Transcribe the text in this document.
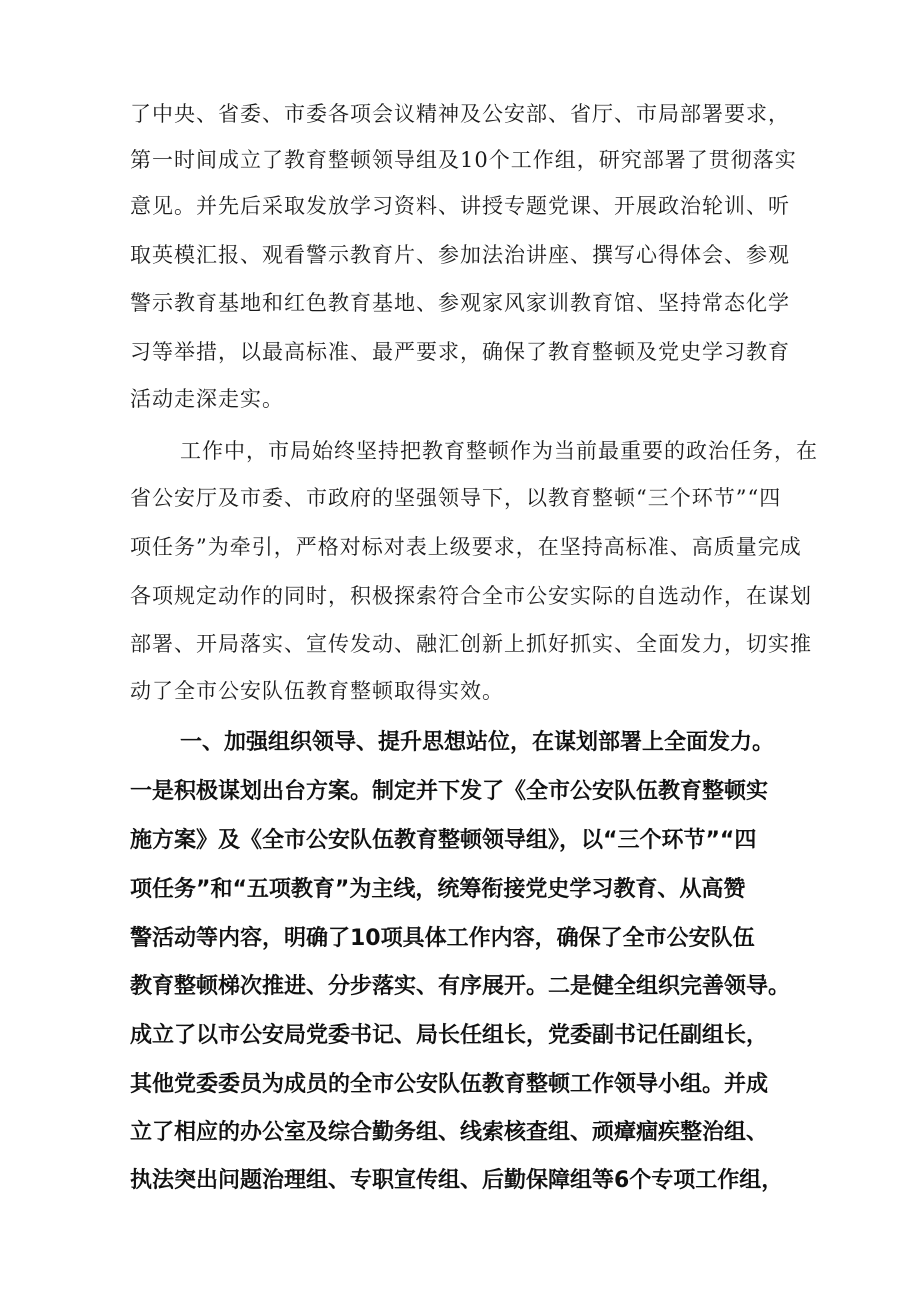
了中央、省委、市委各项会议精神及公安部、省厅、市局部署要求，
第一时间成立了教育整顿领导组及10个工作组，研究部署了贯彻落实
意见。并先后采取发放学习资料、讲授专题党课、开展政治轮训、听
取英模汇报、观看警示教育片、参加法治讲座、撰写心得体会、参观
警示教育基地和红色教育基地、参观家风家训教育馆、坚持常态化学
习等举措，以最高标准、最严要求，确保了教育整顿及党史学习教育
活动走深走实。
工作中，市局始终坚持把教育整顿作为当前最重要的政治任务，在
省公安厅及市委、市政府的坚强领导下，以教育整顿“三个环节”“四
项任务”为牵引，严格对标对表上级要求，在坚持高标准、高质量完成
各项规定动作的同时，积极探索符合全市公安实际的自选动作，在谋划
部署、开局落实、宣传发动、融汇创新上抓好抓实、全面发力，切实推
动了全市公安队伍教育整顿取得实效。
一、加强组织领导、提升思想站位，在谋划部署上全面发力。
一是积极谋划出台方案。制定并下发了《全市公安队伍教育整顿实
施方案》及《全市公安队伍教育整顿领导组》，以“三个环节”“四
项任务”和“五项教育”为主线，统筹衔接党史学习教育、从高赞
警活动等内容，明确了10项具体工作内容，确保了全市公安队伍
教育整顿梯次推进、分步落实、有序展开。二是健全组织完善领导。
成立了以市公安局党委书记、局长任组长，党委副书记任副组长，
其他党委委员为成员的全市公安队伍教育整顿工作领导小组。并成
立了相应的办公室及综合勤务组、线索核查组、顽瘴痼疾整治组、
执法突出问题治理组、专职宣传组、后勤保障组等6个专项工作组，
